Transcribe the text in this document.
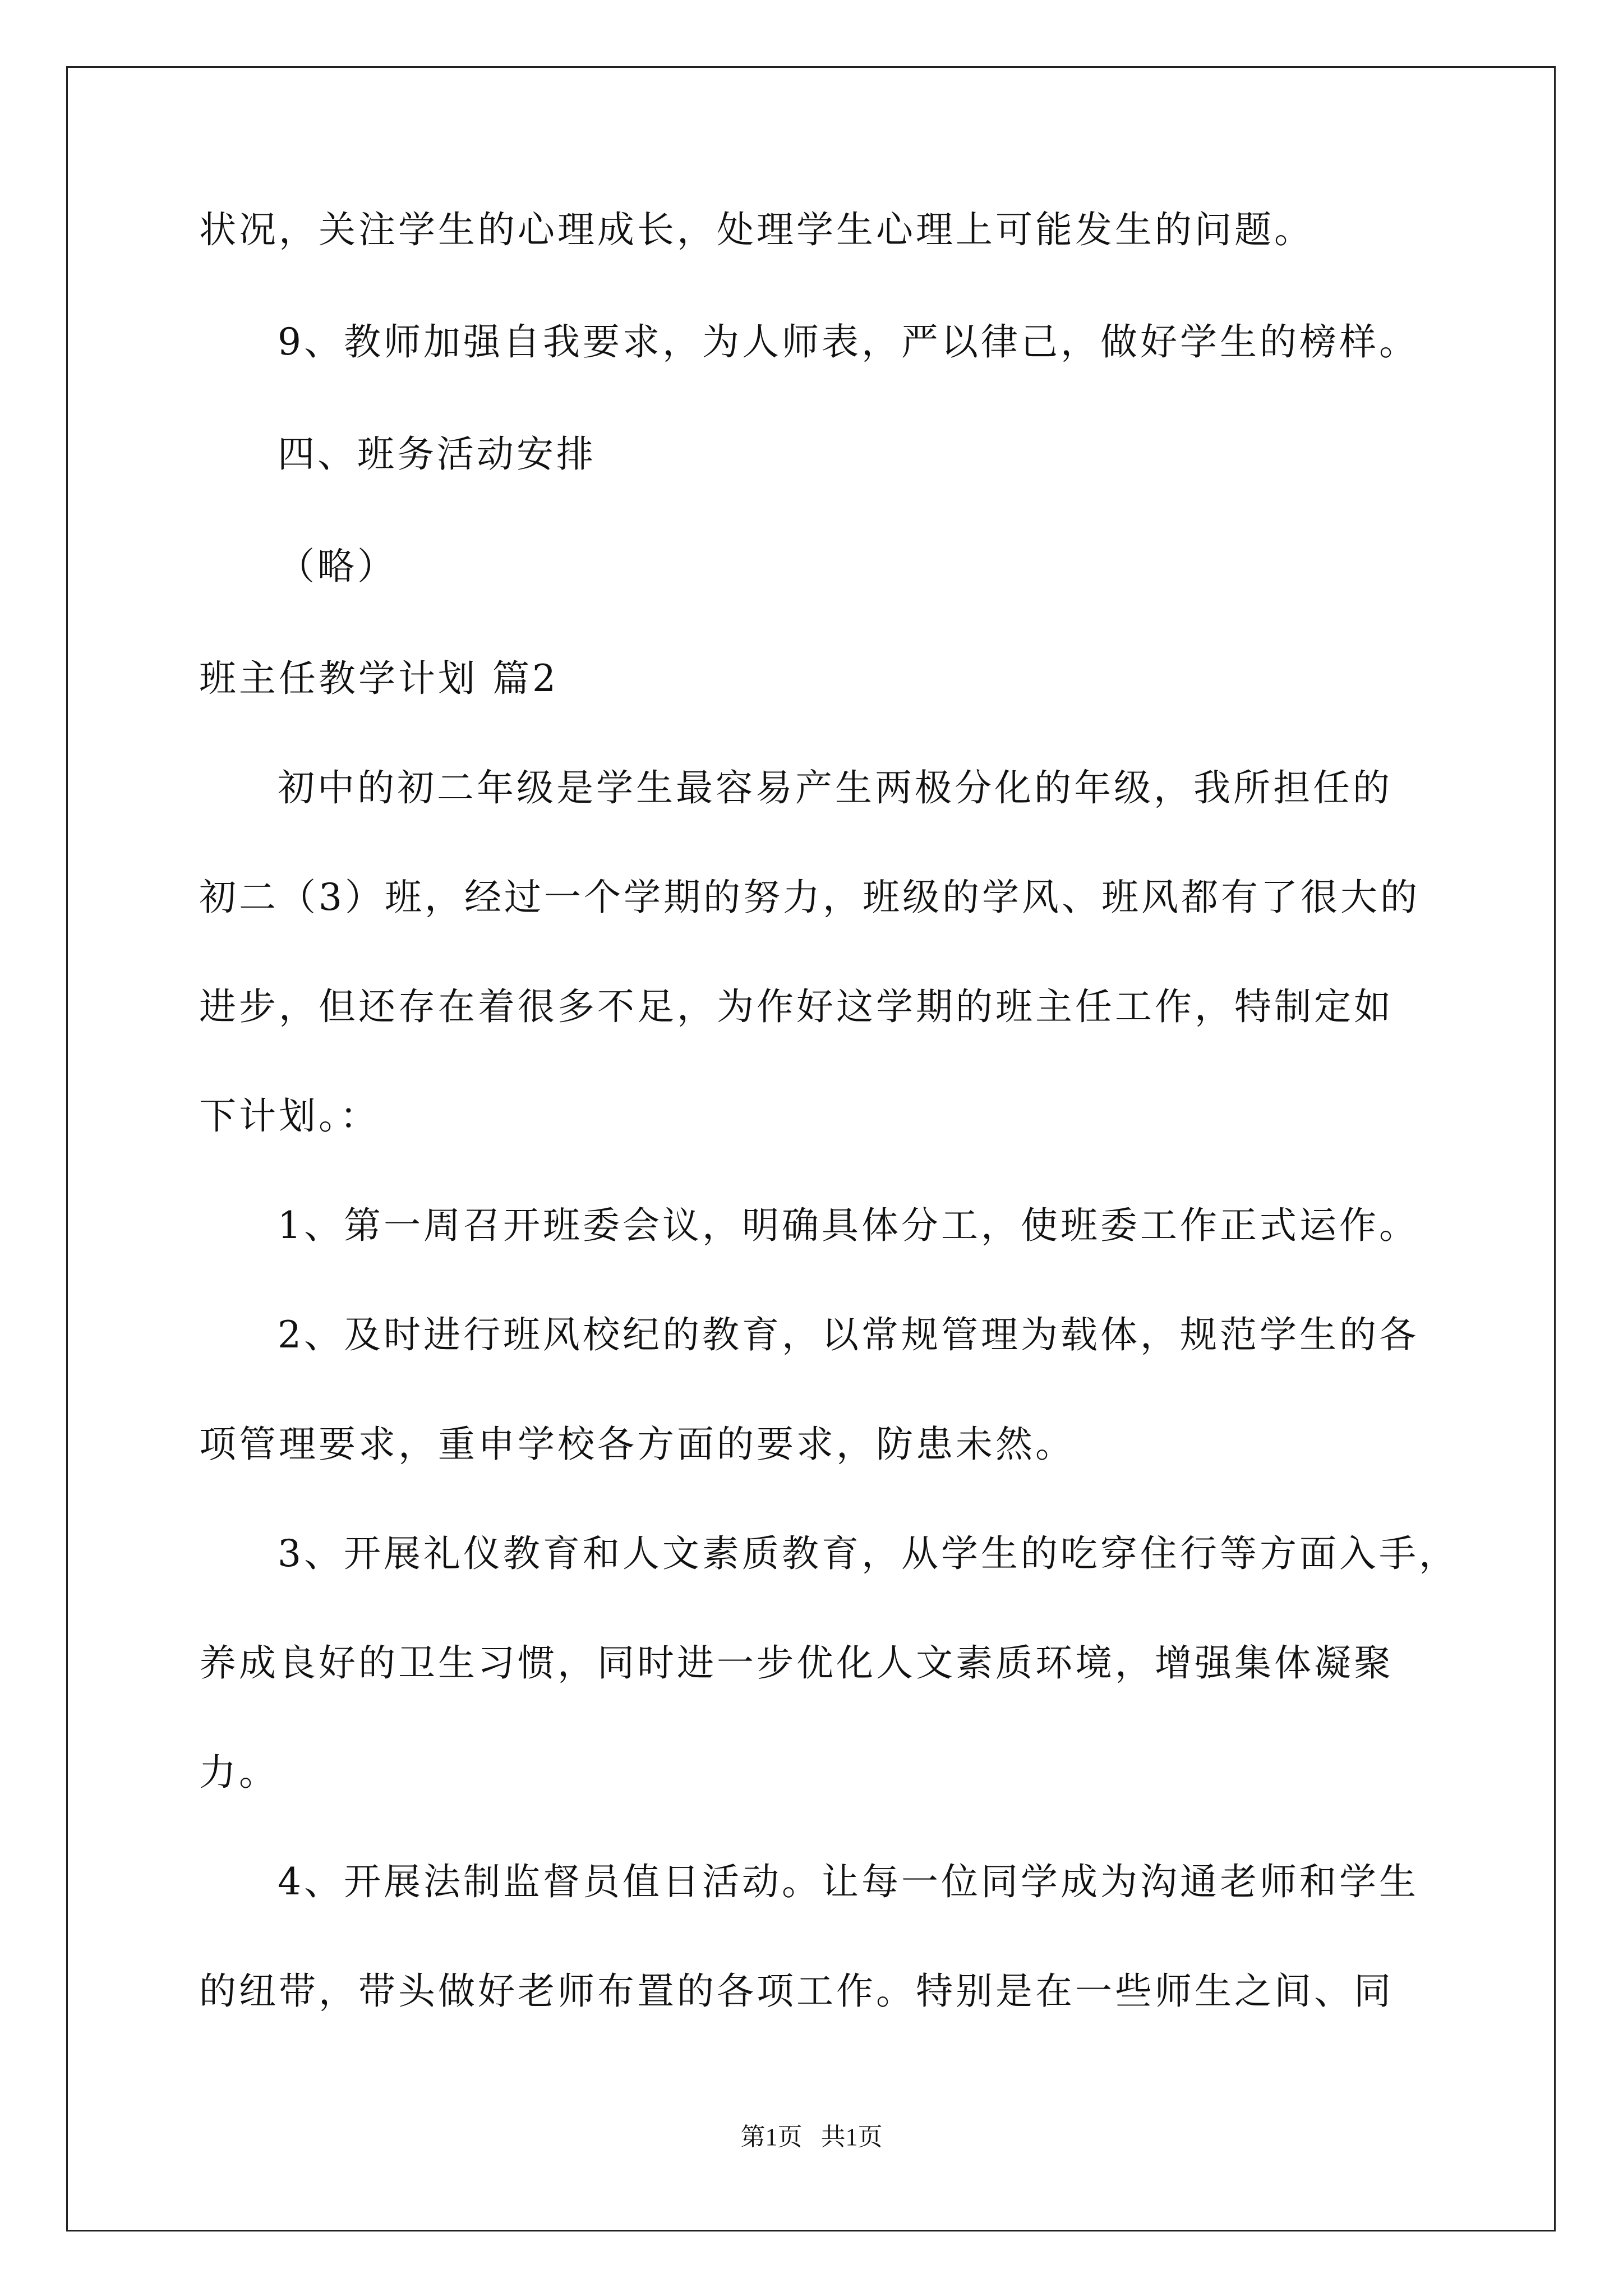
状况，关注学生的心理成长，处理学生心理上可能发生的问题。
9、教师加强自我要求，为人师表，严以律己，做好学生的榜样。
四、班务活动安排
（略）
班主任教学计划 篇2
初中的初二年级是学生最容易产生两极分化的年级，我所担任的
初二（3）班，经过一个学期的努力，班级的学风、班风都有了很大的
进步，但还存在着很多不足，为作好这学期的班主任工作，特制定如
下计划。：
1、第一周召开班委会议，明确具体分工，使班委工作正式运作。
2、及时进行班风校纪的教育，以常规管理为载体，规范学生的各
项管理要求，重申学校各方面的要求，防患未然。
3、开展礼仪教育和人文素质教育，从学生的吃穿住行等方面入手，
养成良好的卫生习惯，同时进一步优化人文素质环境，增强集体凝聚
力。
4、开展法制监督员值日活动。让每一位同学成为沟通老师和学生
的纽带，带头做好老师布置的各项工作。特别是在一些师生之间、同
第1页   共1页
